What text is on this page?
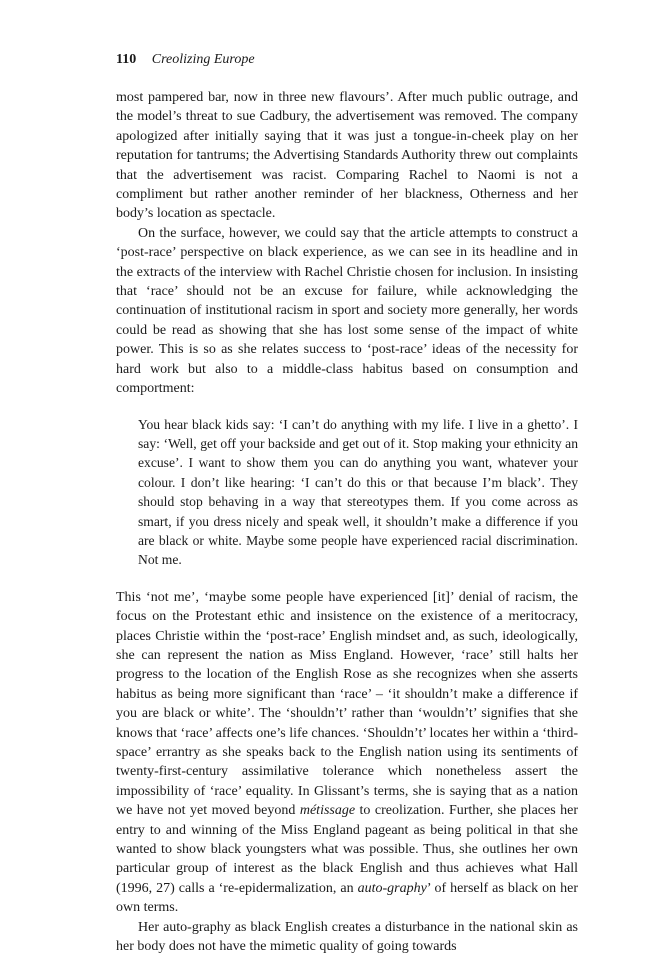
110 Creolizing Europe

most pampered bar, now in three new flavours’. After much public outrage, and the model’s threat to sue Cadbury, the advertisement was removed. The company apologized after initially saying that it was just a tongue-in-cheek play on her reputation for tantrums; the Advertising Standards Authority threw out complaints that the advertisement was racist. Comparing Rachel to Naomi is not a compliment but rather another reminder of her blackness, Otherness and her body’s location as spectacle.

On the surface, however, we could say that the article attempts to construct a ‘post-race’ perspective on black experience, as we can see in its headline and in the extracts of the interview with Rachel Christie chosen for inclusion. In insisting that ‘race’ should not be an excuse for failure, while acknowledging the continuation of institutional racism in sport and society more generally, her words could be read as showing that she has lost some sense of the impact of white power. This is so as she relates success to ‘post-race’ ideas of the necessity for hard work but also to a middle-class habitus based on consumption and comportment:

You hear black kids say: ‘I can’t do anything with my life. I live in a ghetto’. I say: ‘Well, get off your backside and get out of it. Stop making your ethnicity an excuse’. I want to show them you can do anything you want, whatever your colour. I don’t like hearing: ‘I can’t do this or that because I’m black’. They should stop behaving in a way that stereotypes them. If you come across as smart, if you dress nicely and speak well, it shouldn’t make a difference if you are black or white. Maybe some people have experienced racial discrimination. Not me.

This ‘not me’, ‘maybe some people have experienced [it]’ denial of racism, the focus on the Protestant ethic and insistence on the existence of a meritocracy, places Christie within the ‘post-race’ English mindset and, as such, ideologically, she can represent the nation as Miss England. However, ‘race’ still halts her progress to the location of the English Rose as she recognizes when she asserts habitus as being more significant than ‘race’ – ‘it shouldn’t make a difference if you are black or white’. The ‘shouldn’t’ rather than ‘wouldn’t’ signifies that she knows that ‘race’ affects one’s life chances. ‘Shouldn’t’ locates her within a ‘third-space’ errantry as she speaks back to the English nation using its sentiments of twenty-first-century assimilative tolerance which nonetheless assert the impossibility of ‘race’ equality. In Glissant’s terms, she is saying that as a nation we have not yet moved beyond métissage to creolization. Further, she places her entry to and winning of the Miss England pageant as being political in that she wanted to show black youngsters what was possible. Thus, she outlines her own particular group of interest as the black English and thus achieves what Hall (1996, 27) calls a ‘re-epidermalization, an auto-graphy’ of herself as black on her own terms.

Her auto-graphy as black English creates a disturbance in the national skin as her body does not have the mimetic quality of going towards
